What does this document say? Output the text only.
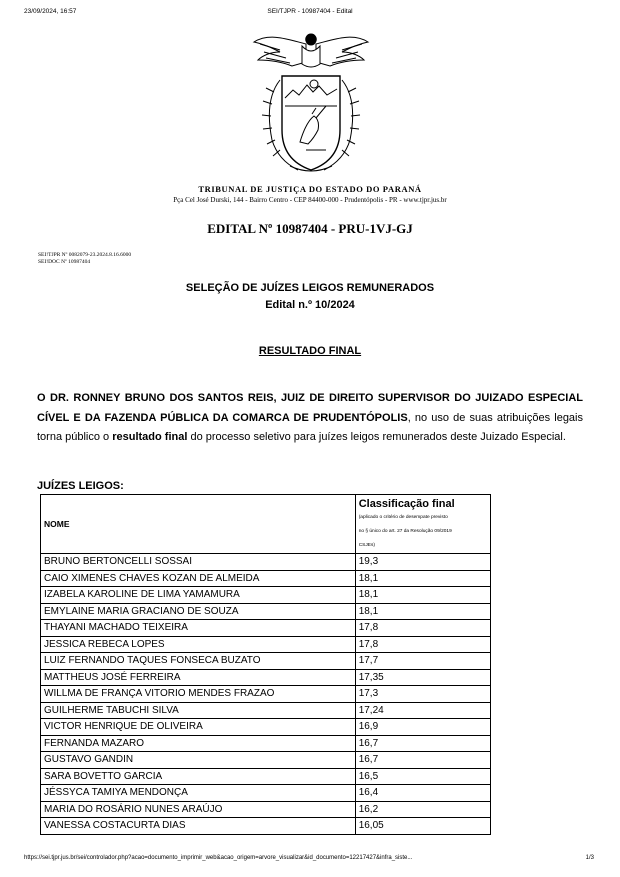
23/09/2024, 16:57	SEI/TJPR - 10987404 - Edital
TRIBUNAL DE JUSTIÇA DO ESTADO DO PARANÁ
Pça Cel José Durski, 144 - Bairro Centro - CEP 84400-000 - Prudentópolis - PR - www.tjpr.jus.br
EDITAL Nº 10987404 - PRU-1VJ-GJ
SEI!TJPR Nº 0082079-23.2024.8.16.6000
SEI!DOC Nº 10987404
SELEÇÃO DE JUÍZES LEIGOS REMUNERADOS
Edital n.º 10/2024
RESULTADO FINAL
O DR. RONNEY BRUNO DOS SANTOS REIS, JUIZ DE DIREITO SUPERVISOR DO JUIZADO ESPECIAL CÍVEL E DA FAZENDA PÚBLICA DA COMARCA DE PRUDENTÓPOLIS, no uso de suas atribuições legais torna público o resultado final do processo seletivo para juízes leigos remunerados deste Juizado Especial.
JUÍZES LEIGOS:
NOME	Classificação final
(aplicado o critério de desempate previsto
no § único do art. 27 da Resolução 09/2019
CSJEs)

BRUNO BERTONCELLI SOSSAI	19,3
CAIO XIMENES CHAVES KOZAN DE ALMEIDA	18,1
IZABELA KAROLINE DE LIMA YAMAMURA	18,1
EMYLAINE MARIA GRACIANO DE SOUZA	18,1
THAYANI MACHADO TEIXEIRA	17,8
JESSICA REBECA LOPES	17,8
LUIZ FERNANDO TAQUES FONSECA BUZATO	17,7
MATTHEUS JOSÉ FERREIRA	17,35
WILLMA DE FRANÇA VITORIO MENDES FRAZAO	17,3
GUILHERME TABUCHI SILVA	17,24
VICTOR HENRIQUE DE OLIVEIRA	16,9
FERNANDA MAZARO	16,7
GUSTAVO GANDIN	16,7
SARA BOVETTO GARCIA	16,5
JÉSSYCA TAMIYA MENDONÇA	16,4
MARIA DO ROSÁRIO NUNES ARAÚJO	16,2
VANESSA COSTACURTA DIAS	16,05
https://sei.tjpr.jus.br/sei/controlador.php?acao=documento_imprimir_web&acao_origem=arvore_visualizar&id_documento=12217427&infra_siste...	1/3
